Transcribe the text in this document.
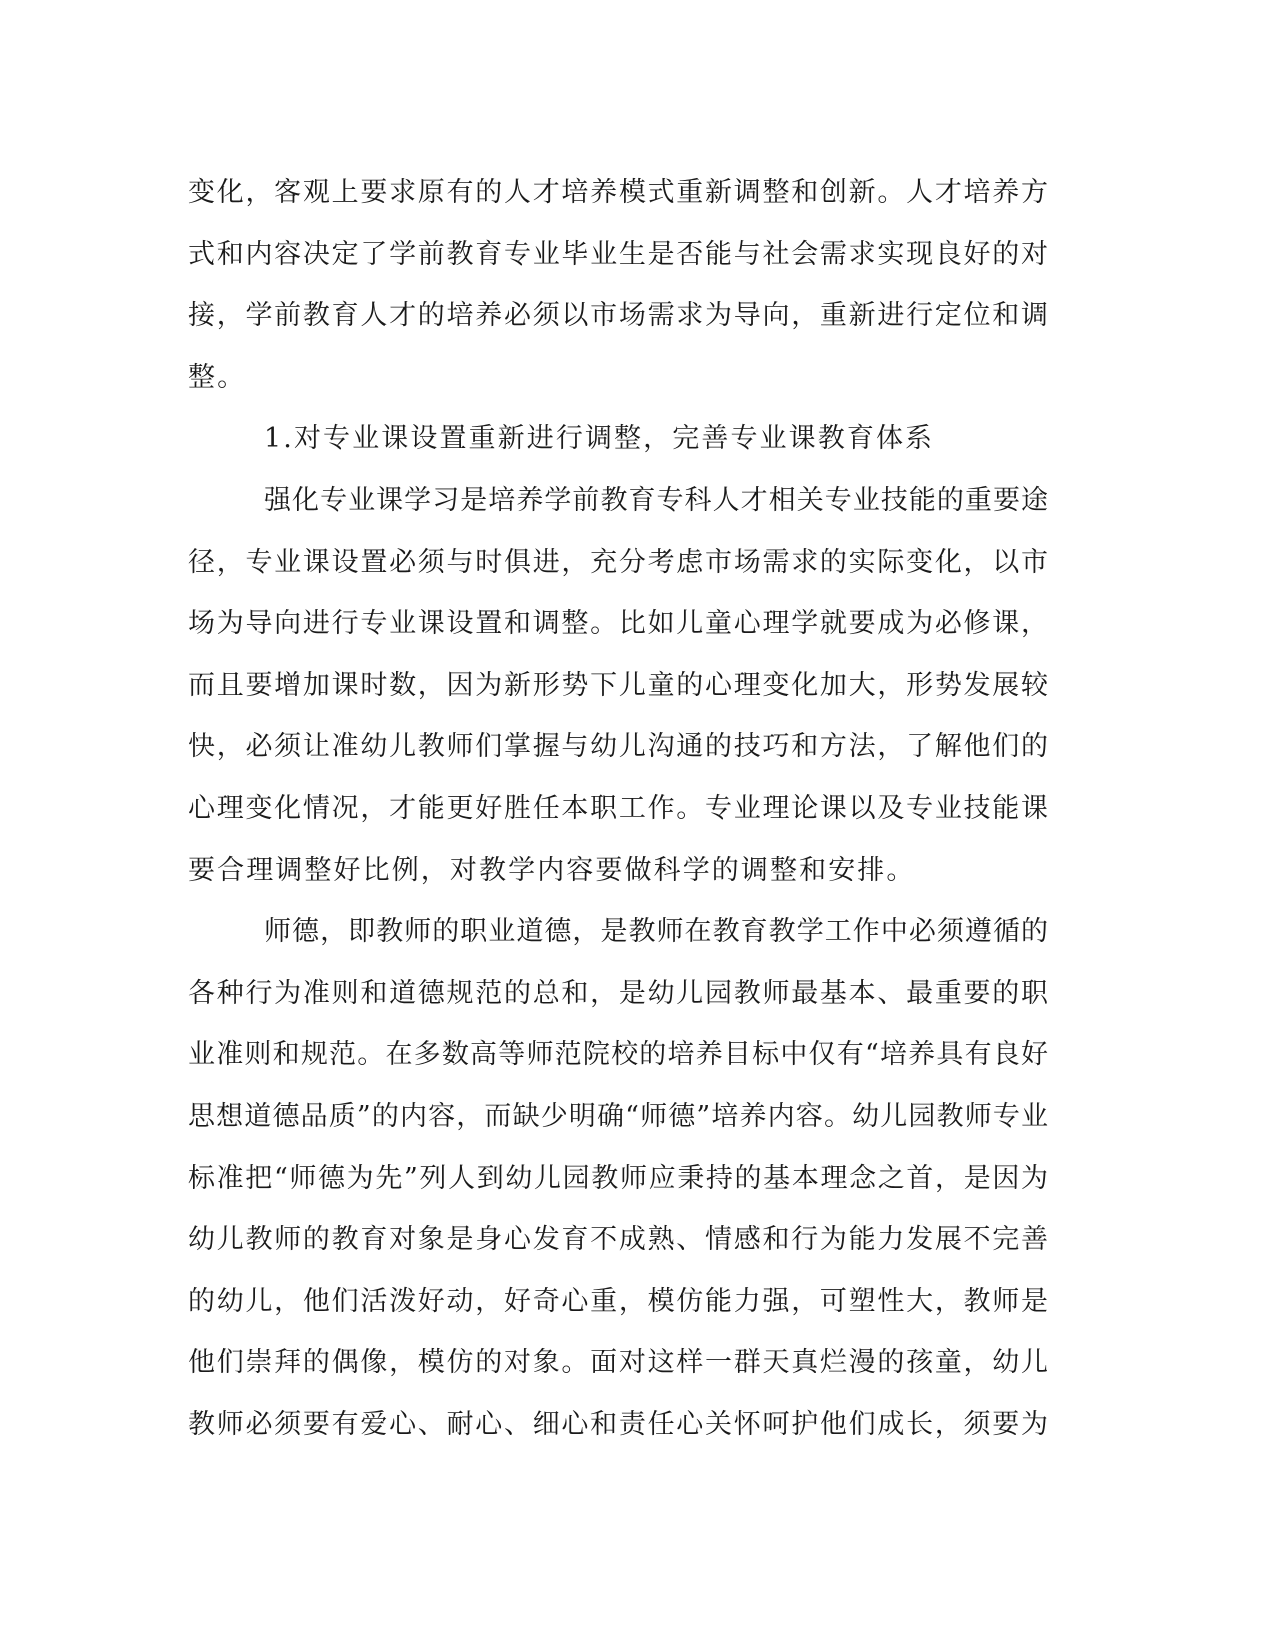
变化，客观上要求原有的人才培养模式重新调整和创新。人才培养方
式和内容决定了学前教育专业毕业生是否能与社会需求实现良好的对
接，学前教育人才的培养必须以市场需求为导向，重新进行定位和调
整。
1.对专业课设置重新进行调整，完善专业课教育体系
强化专业课学习是培养学前教育专科人才相关专业技能的重要途
径，专业课设置必须与时俱进，充分考虑市场需求的实际变化，以市
场为导向进行专业课设置和调整。比如儿童心理学就要成为必修课，
而且要增加课时数，因为新形势下儿童的心理变化加大，形势发展较
快，必须让准幼儿教师们掌握与幼儿沟通的技巧和方法，了解他们的
心理变化情况，才能更好胜任本职工作。专业理论课以及专业技能课
要合理调整好比例，对教学内容要做科学的调整和安排。
师德，即教师的职业道德，是教师在教育教学工作中必须遵循的
各种行为准则和道德规范的总和，是幼儿园教师最基本、最重要的职
业准则和规范。在多数高等师范院校的培养目标中仅有“培养具有良好
思想道德品质”的内容，而缺少明确“师德”培养内容。幼儿园教师专业
标准把“师德为先”列人到幼儿园教师应秉持的基本理念之首，是因为
幼儿教师的教育对象是身心发育不成熟、情感和行为能力发展不完善
的幼儿，他们活泼好动，好奇心重，模仿能力强，可塑性大，教师是
他们崇拜的偶像，模仿的对象。面对这样一群天真烂漫的孩童，幼儿
教师必须要有爱心、耐心、细心和责任心关怀呵护他们成长，须要为
